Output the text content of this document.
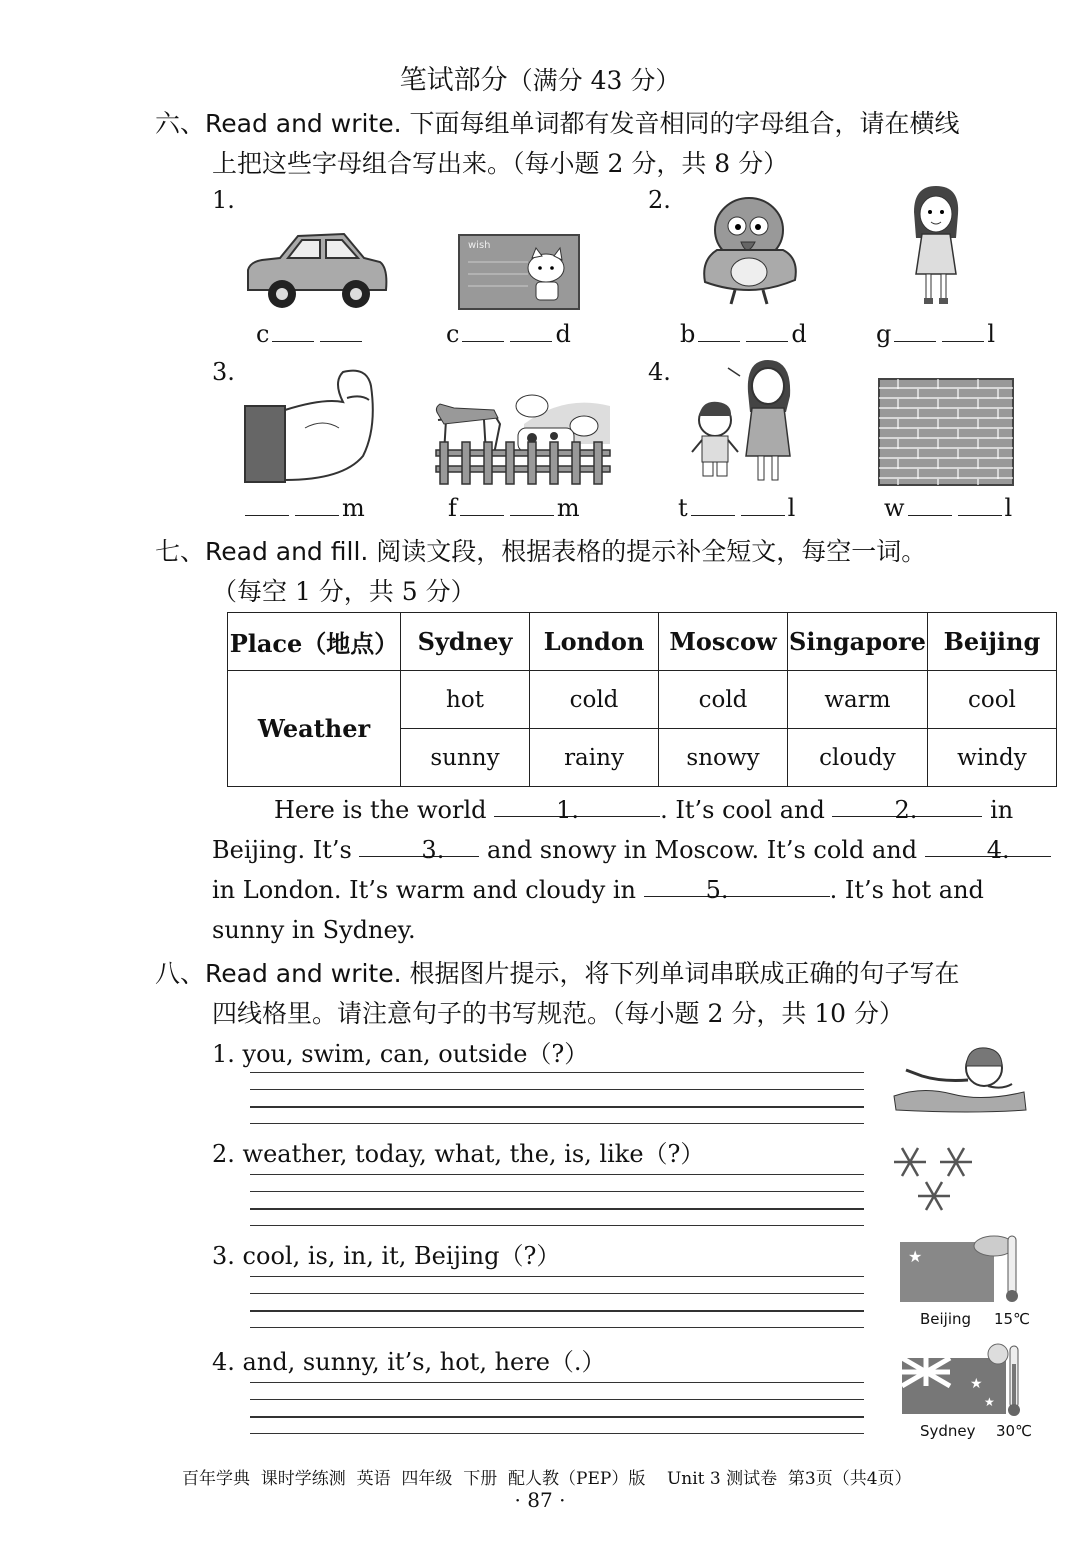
笔试部分（满分 43 分）
六、Read and write. 下面每组单词都有发音相同的字母组合，请在横线
上把这些字母组合写出来。（每小题 2 分，共 8 分）
1.	2.
3.	4.
wish
c	c	d	b	d	g	l
m	f	m	t	l	w	l
七、Read and fill. 阅读文段，根据表格的提示补全短文，每空一词。
（每空 1 分，共 5 分）
Place（地点）	Sydney	London	Moscow	Singapore	Beijing
Weather	hot	cold	cold	warm	cool
	sunny	rainy	snowy	cloudy	windy
Here is the world	1.	. It’s cool and	2.	in Beijing. It’s	3. and snowy in Moscow. It’s cold and	4. in London. It’s warm and cloudy in	5.	. It’s hot and sunny in Sydney.
八、Read and write. 根据图片提示，将下列单词串联成正确的句子写在
四线格里。请注意句子的书写规范。（每小题 2 分，共 10 分）
1. you, swim, can, outside（?）
2. weather, today, what, the, is, like（?）
3. cool, is, in, it, Beijing（?）
4. and, sunny, it’s, hot, here（.）
★
Beijing 15℃
★
★
Sydney 30℃
百年学典  课时学练测  英语  四年级  下册  配人教（PEP）版    Unit 3 测试卷  第3页（共4页）
· 87 ·
